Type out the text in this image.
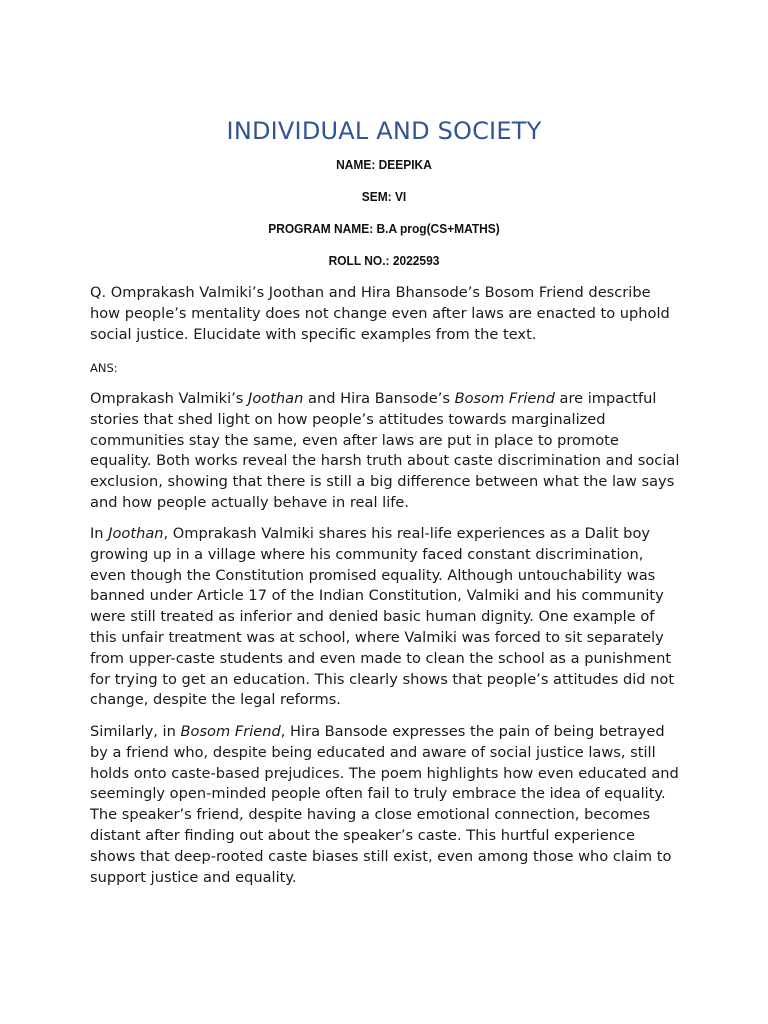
INDIVIDUAL AND SOCIETY
NAME: DEEPIKA
SEM: VI
PROGRAM NAME: B.A prog(CS+MATHS)
ROLL NO.: 2022593

Q. Omprakash Valmiki’s Joothan and Hira Bhansode’s Bosom Friend describe how people’s mentality does not change even after laws are enacted to uphold social justice. Elucidate with specific examples from the text.

ANS:

Omprakash Valmiki’s Joothan and Hira Bansode’s Bosom Friend are impactful stories that shed light on how people’s attitudes towards marginalized communities stay the same, even after laws are put in place to promote equality. Both works reveal the harsh truth about caste discrimination and social exclusion, showing that there is still a big difference between what the law says and how people actually behave in real life.

In Joothan, Omprakash Valmiki shares his real-life experiences as a Dalit boy growing up in a village where his community faced constant discrimination, even though the Constitution promised equality. Although untouchability was banned under Article 17 of the Indian Constitution, Valmiki and his community were still treated as inferior and denied basic human dignity. One example of this unfair treatment was at school, where Valmiki was forced to sit separately from upper-caste students and even made to clean the school as a punishment for trying to get an education. This clearly shows that people’s attitudes did not change, despite the legal reforms.

Similarly, in Bosom Friend, Hira Bansode expresses the pain of being betrayed by a friend who, despite being educated and aware of social justice laws, still holds onto caste-based prejudices. The poem highlights how even educated and seemingly open-minded people often fail to truly embrace the idea of equality. The speaker’s friend, despite having a close emotional connection, becomes distant after finding out about the speaker’s caste. This hurtful experience shows that deep-rooted caste biases still exist, even among those who claim to support justice and equality.
